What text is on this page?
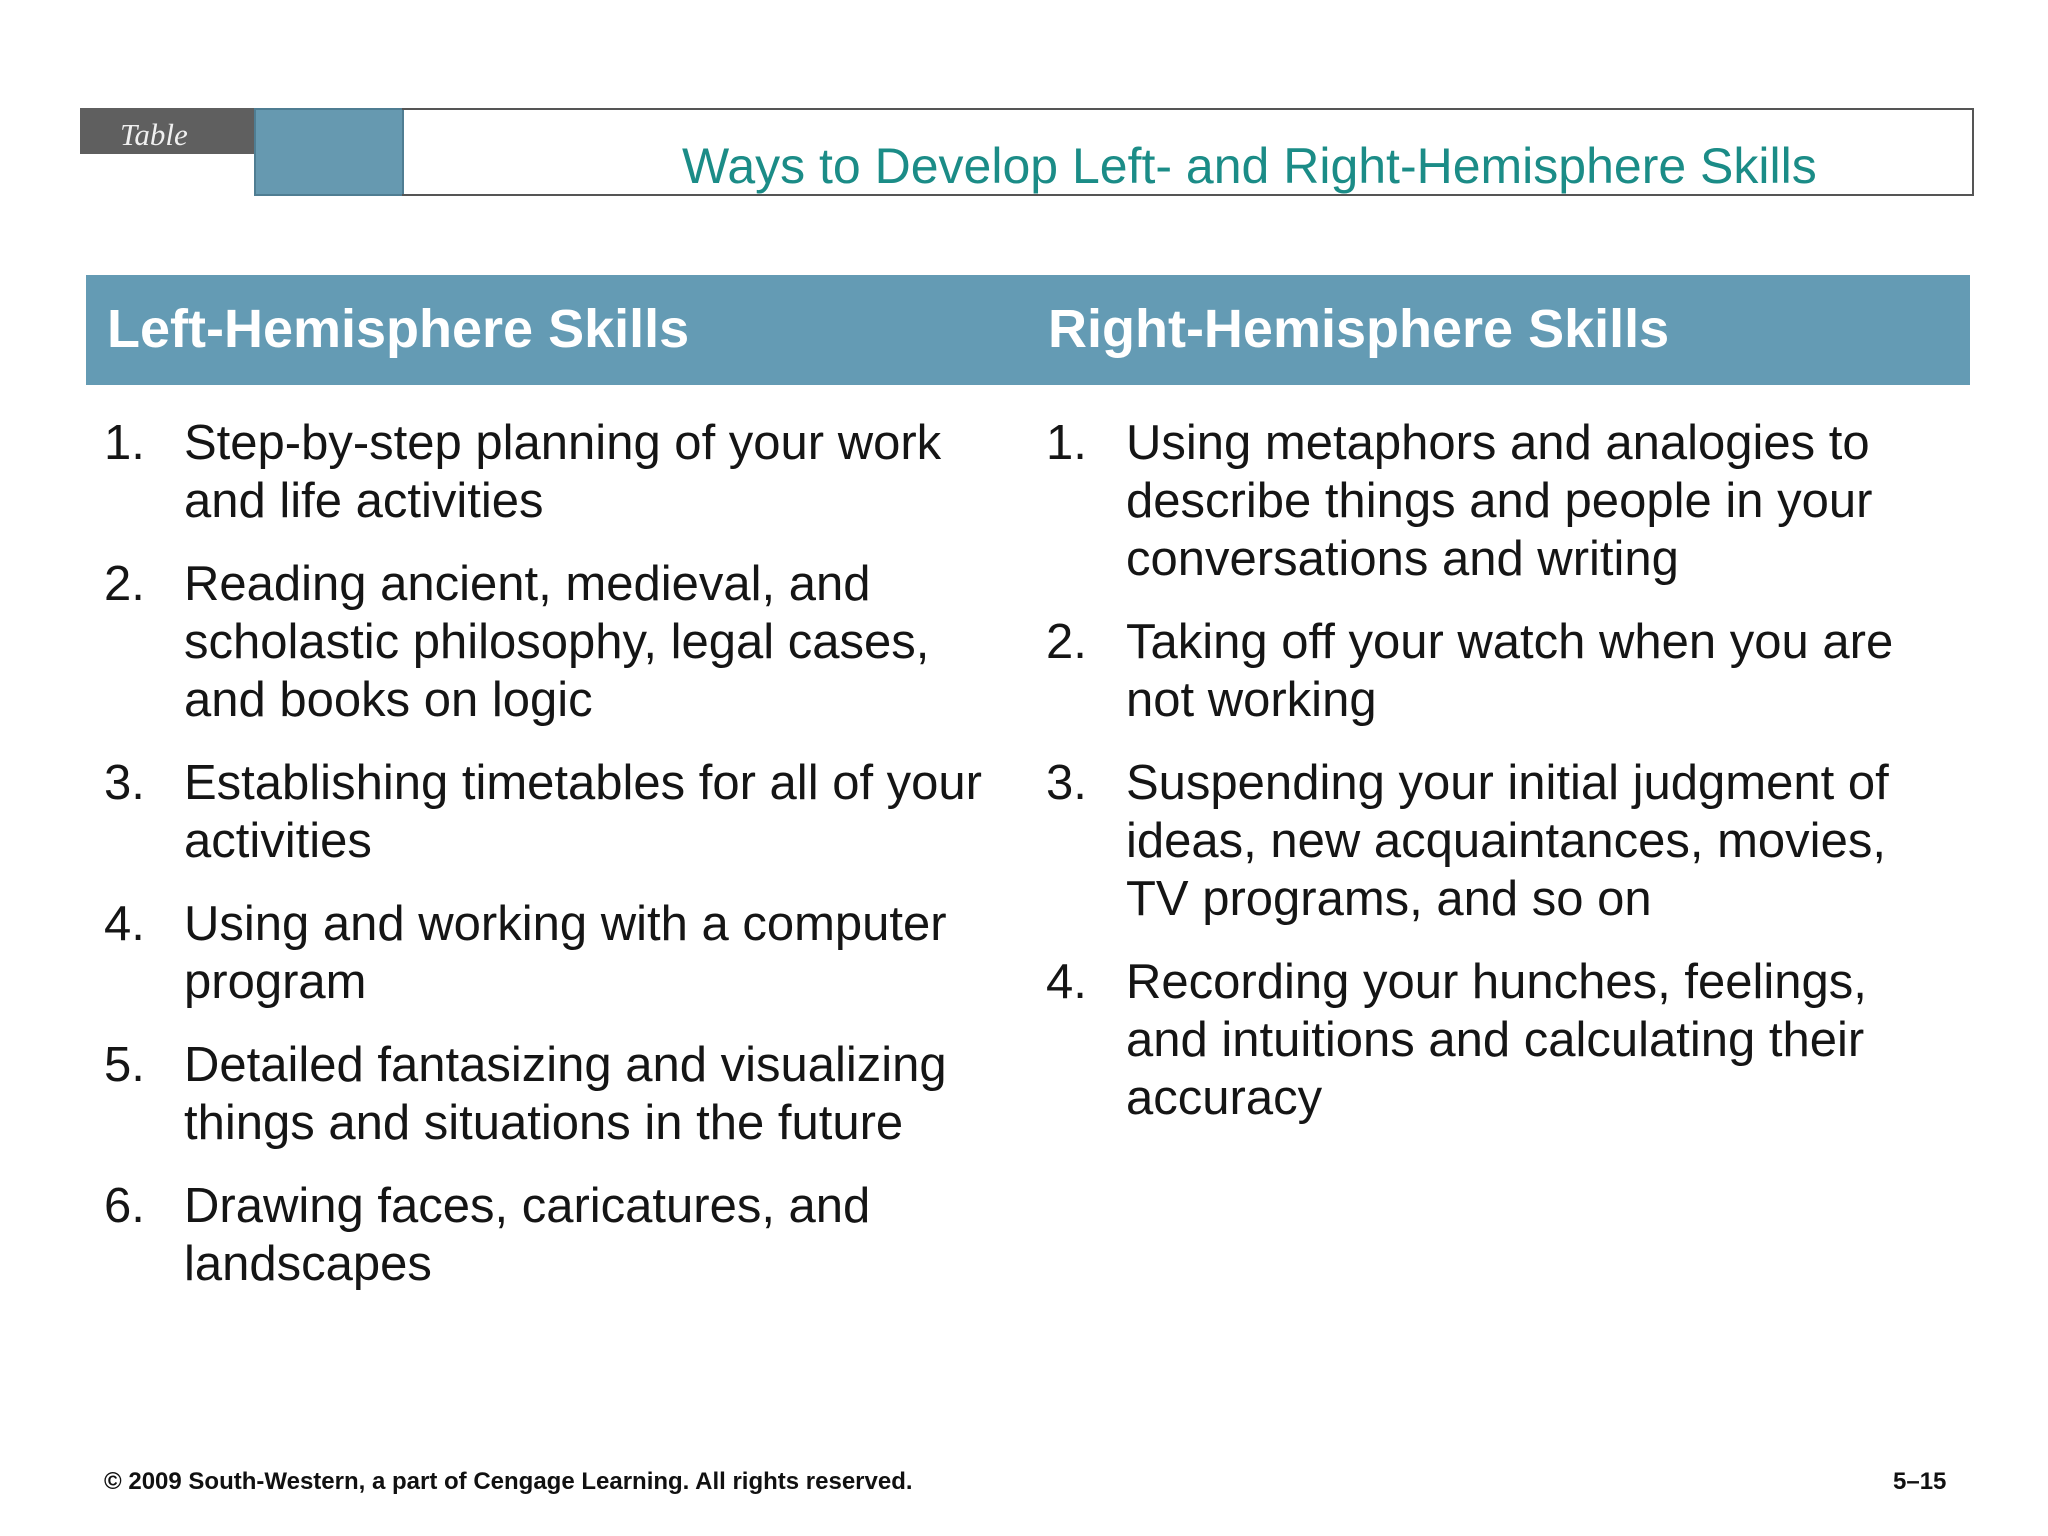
Table
Ways to Develop Left- and Right-Hemisphere Skills
Left-Hemisphere Skills	Right-Hemisphere Skills
1. Step-by-step planning of your work and life activities
2. Reading ancient, medieval, and scholastic philosophy, legal cases, and books on logic
3. Establishing timetables for all of your activities
4. Using and working with a computer program
5. Detailed fantasizing and visualizing things and situations in the future
6. Drawing faces, caricatures, and landscapes
1. Using metaphors and analogies to describe things and people in your conversations and writing
2. Taking off your watch when you are not working
3. Suspending your initial judgment of ideas, new acquaintances, movies, TV programs, and so on
4. Recording your hunches, feelings, and intuitions and calculating their accuracy
© 2009 South-Western, a part of Cengage Learning. All rights reserved.	5–15
